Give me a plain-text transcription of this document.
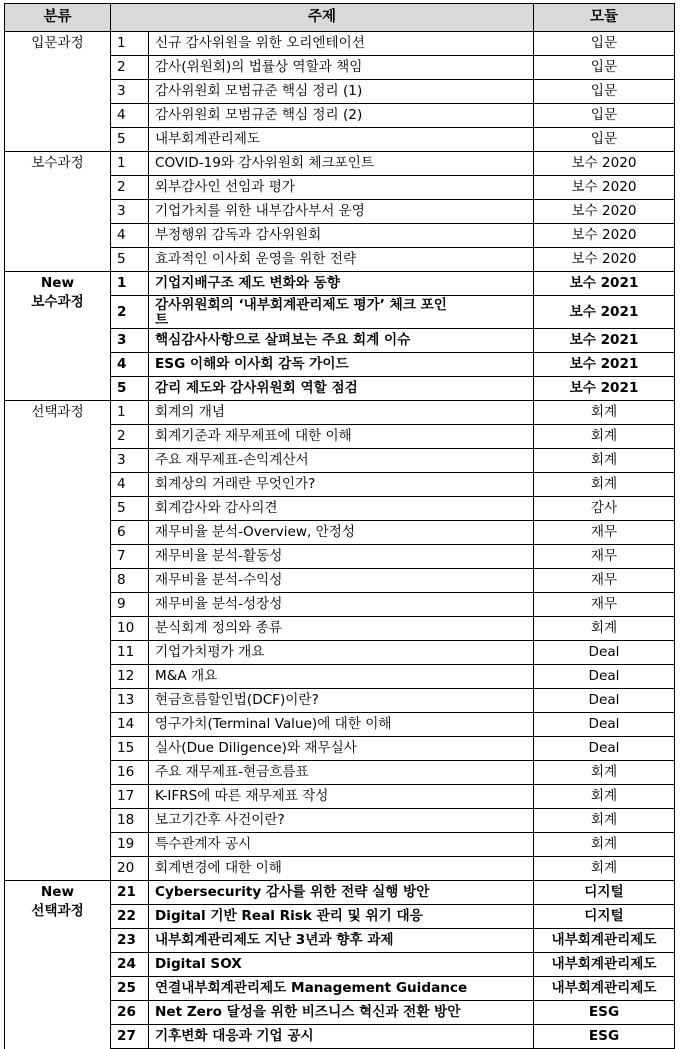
분류	주제		모듈

입문과정	1	신규 감사위원을 위한 오리엔테이션	입문
	2	감사(위원회)의 법률상 역할과 책임	입문
	3	감사위원회 모범규준 핵심 정리 (1)	입문
	4	감사위원회 모범규준 핵심 정리 (2)	입문
	5	내부회계관리제도	입문

보수과정	1	COVID-19와 감사위원회 체크포인트	보수 2020
	2	외부감사인 선임과 평가	보수 2020
	3	기업가치를 위한 내부감사부서 운영	보수 2020
	4	부정행위 감독과 감사위원회	보수 2020
	5	효과적인 이사회 운영을 위한 전략	보수 2020

New
보수과정	1	기업지배구조 제도 변화와 동향	보수 2021
	2	감사위원회의 ‘내부회계관리제도 평가’ 체크 포인
트	보수 2021
	3	핵심감사사항으로 살펴보는 주요 회계 이슈	보수 2021
	4	ESG 이해와 이사회 감독 가이드	보수 2021
	5	감리 제도와 감사위원회 역할 점검	보수 2021

선택과정	1	회계의 개념	회계
	2	회계기준과 재무제표에 대한 이해	회계
	3	주요 재무제표-손익계산서	회계
	4	회계상의 거래란 무엇인가?	회계
	5	회계감사와 감사의견	감사
	6	재무비율 분석-Overview, 안정성	재무
	7	재무비율 분석-활동성	재무
	8	재무비율 분석-수익성	재무
	9	재무비율 분석-성장성	재무
	10	분식회계 정의와 종류	회계
	11	기업가치평가 개요	Deal
	12	M&A 개요	Deal
	13	현금흐름할인법(DCF)이란?	Deal
	14	영구가치(Terminal Value)에 대한 이해	Deal
	15	실사(Due Diligence)와 재무실사	Deal
	16	주요 재무제표-현금흐름표	회계
	17	K-IFRS에 따른 재무제표 작성	회계
	18	보고기간후 사건이란?	회계
	19	특수관계자 공시	회계
	20	회계변경에 대한 이해	회계

New
선택과정	21	Cybersecurity 감사를 위한 전략 실행 방안	디지털
	22	Digital 기반 Real Risk 관리 및 위기 대응	디지털
	23	내부회계관리제도 지난 3년과 향후 과제	내부회계관리제도
	24	Digital SOX	내부회계관리제도
	25	연결내부회계관리제도 Management Guidance	내부회계관리제도
	26	Net Zero 달성을 위한 비즈니스 혁신과 전환 방안	ESG
	27	기후변화 대응과 기업 공시	ESG
